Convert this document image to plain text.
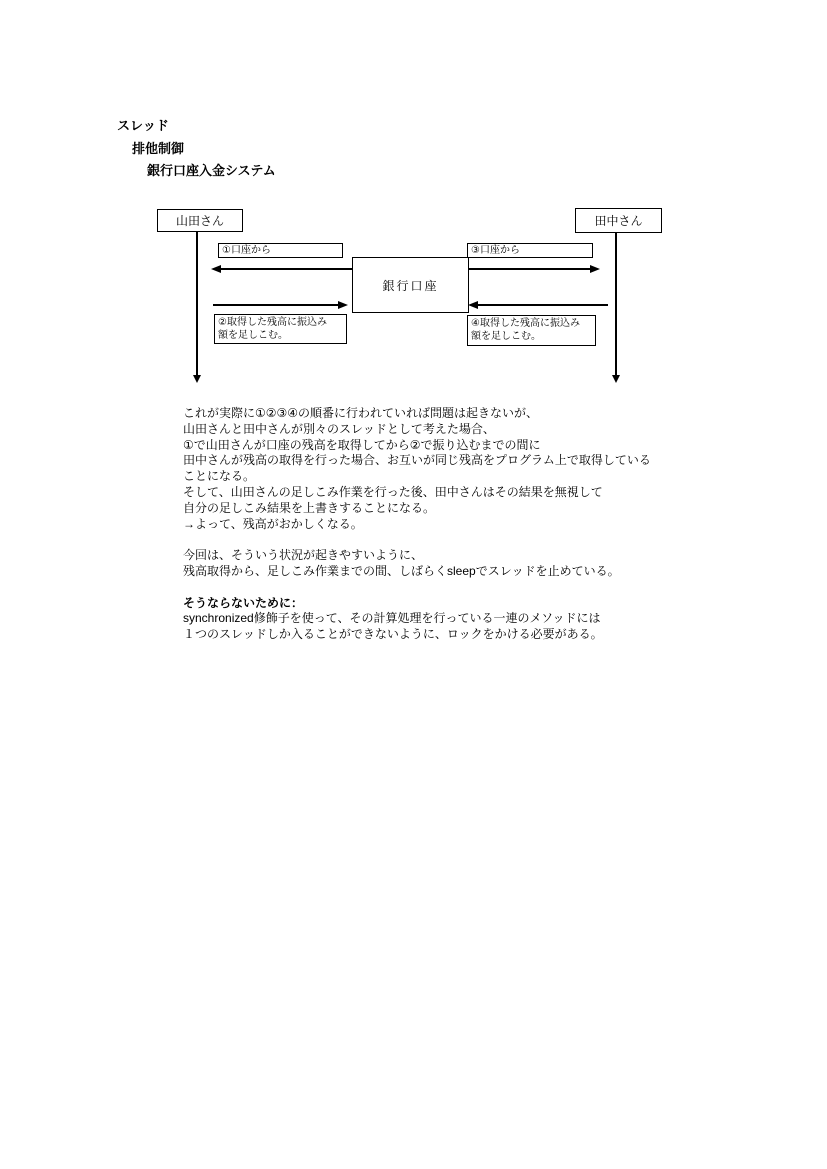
スレッド
排他制御
銀行口座入金システム
山田さん	田中さん
銀行口座
①口座から
②取得した残高に振込み
額を足しこむ。
③口座から
④取得した残高に振込み
額を足しこむ。
これが実際に①②③④の順番に行われていれば問題は起きないが、
山田さんと田中さんが別々のスレッドとして考えた場合、
①で山田さんが口座の残高を取得してから②で振り込むまでの間に
田中さんが残高の取得を行った場合、お互いが同じ残高をプログラム上で取得している
ことになる。
そして、山田さんの足しこみ作業を行った後、田中さんはその結果を無視して
自分の足しこみ結果を上書きすることになる。
→よって、残高がおかしくなる。

今回は、そういう状況が起きやすいように、
残高取得から、足しこみ作業までの間、しばらくsleepでスレッドを止めている。

そうならないために：
synchronized修飾子を使って、その計算処理を行っている一連のメソッドには
１つのスレッドしか入ることができないように、ロックをかける必要がある。
